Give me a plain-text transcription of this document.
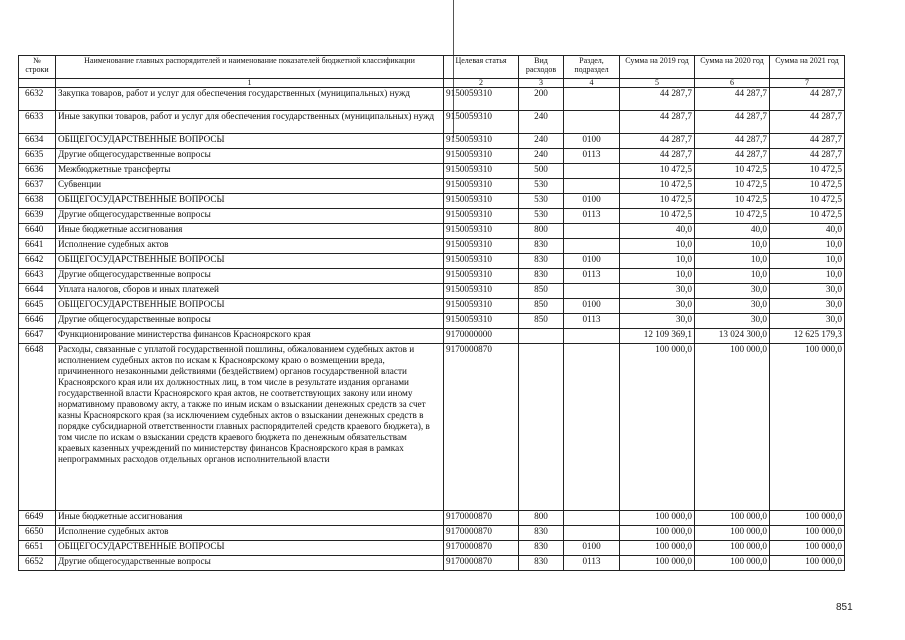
№ строки	Наименование главных распорядителей и наименование показателей бюджетной классификации	Целевая статья	Вид расходов	Раздел, подраздел	Сумма на 2019 год	Сумма на 2020 год	Сумма на 2021 год
	1	2	3	4	5	6	7
6632	Закупка товаров, работ и услуг для обеспечения государственных (муниципальных) нужд	9150059310	200		44 287,7	44 287,7	44 287,7
6633	Иные закупки товаров, работ и услуг для обеспечения государственных (муниципальных) нужд	9150059310	240		44 287,7	44 287,7	44 287,7
6634	ОБЩЕГОСУДАРСТВЕННЫЕ ВОПРОСЫ	9150059310	240	0100	44 287,7	44 287,7	44 287,7
6635	Другие общегосударственные вопросы	9150059310	240	0113	44 287,7	44 287,7	44 287,7
6636	Межбюджетные трансферты	9150059310	500		10 472,5	10 472,5	10 472,5
6637	Субвенции	9150059310	530		10 472,5	10 472,5	10 472,5
6638	ОБЩЕГОСУДАРСТВЕННЫЕ ВОПРОСЫ	9150059310	530	0100	10 472,5	10 472,5	10 472,5
6639	Другие общегосударственные вопросы	9150059310	530	0113	10 472,5	10 472,5	10 472,5
6640	Иные бюджетные ассигнования	9150059310	800		40,0	40,0	40,0
6641	Исполнение судебных актов	9150059310	830		10,0	10,0	10,0
6642	ОБЩЕГОСУДАРСТВЕННЫЕ ВОПРОСЫ	9150059310	830	0100	10,0	10,0	10,0
6643	Другие общегосударственные вопросы	9150059310	830	0113	10,0	10,0	10,0
6644	Уплата налогов, сборов и иных платежей	9150059310	850		30,0	30,0	30,0
6645	ОБЩЕГОСУДАРСТВЕННЫЕ ВОПРОСЫ	9150059310	850	0100	30,0	30,0	30,0
6646	Другие общегосударственные вопросы	9150059310	850	0113	30,0	30,0	30,0
6647	Функционирование министерства финансов Красноярского края	9170000000			12 109 369,1	13 024 300,0	12 625 179,3
6648	Расходы, связанные с уплатой государственной пошлины, обжалованием судебных актов и исполнением судебных актов по искам к Красноярскому краю о возмещении вреда, причиненного незаконными действиями (бездействием) органов государственной власти Красноярского края или их должностных лиц, в том числе в результате издания органами государственной власти Красноярского края актов, не соответствующих закону или иному нормативному правовому акту, а также по иным искам о взыскании денежных средств за счет казны Красноярского края (за исключением судебных актов о взыскании денежных средств в порядке субсидиарной ответственности главных распорядителей средств краевого бюджета), в том числе по искам о взыскании средств краевого бюджета по денежным обязательствам краевых казенных учреждений по министерству финансов Красноярского края в рамках непрограммных расходов отдельных органов исполнительной власти	9170000870			100 000,0	100 000,0	100 000,0
6649	Иные бюджетные ассигнования	9170000870	800		100 000,0	100 000,0	100 000,0
6650	Исполнение судебных актов	9170000870	830		100 000,0	100 000,0	100 000,0
6651	ОБЩЕГОСУДАРСТВЕННЫЕ ВОПРОСЫ	9170000870	830	0100	100 000,0	100 000,0	100 000,0
6652	Другие общегосударственные вопросы	9170000870	830	0113	100 000,0	100 000,0	100 000,0
851
